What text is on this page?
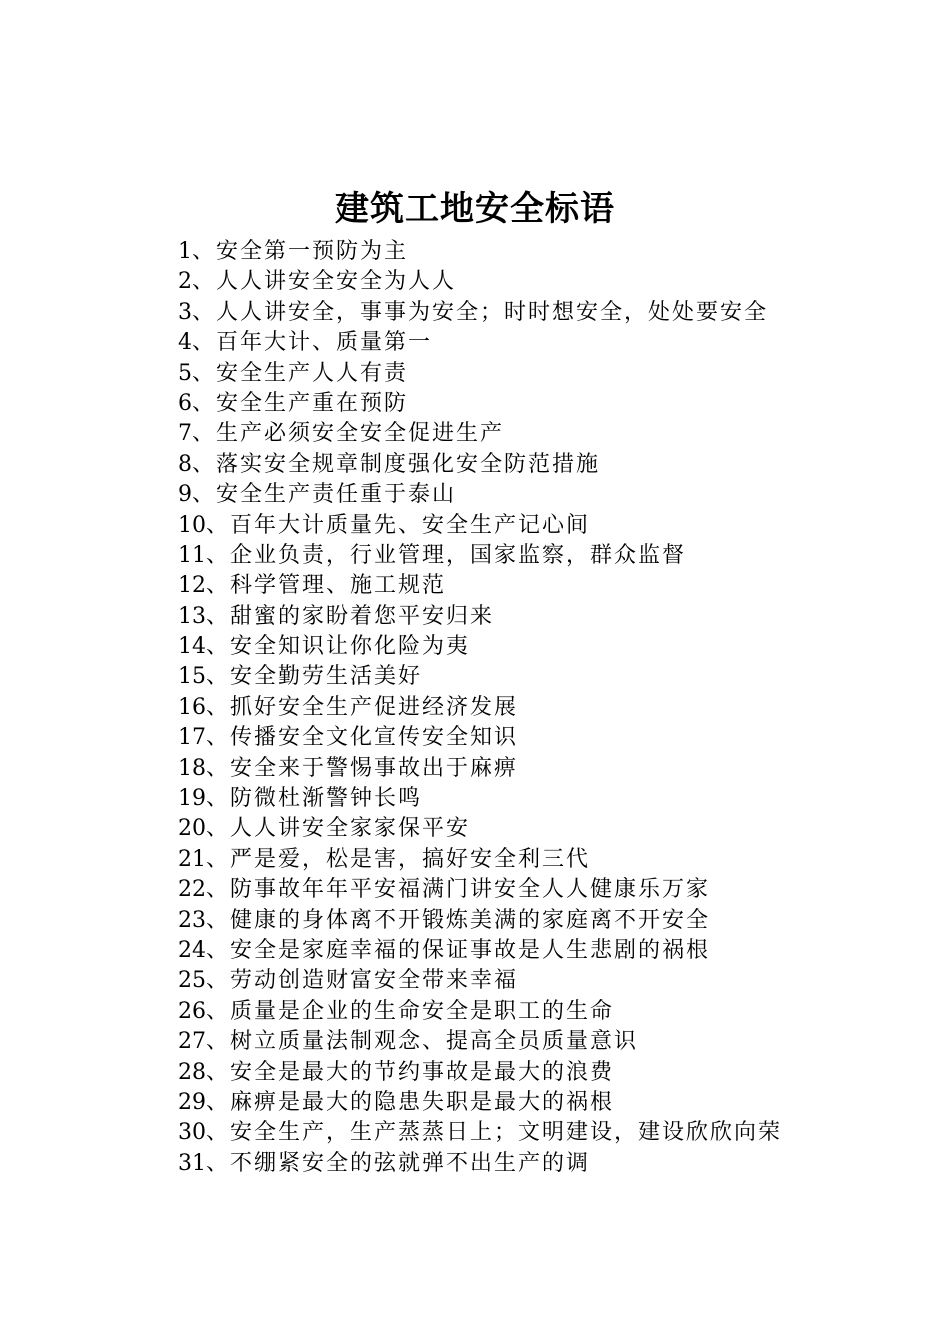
建筑工地安全标语
1 、安全第一预防为主
2 、人人讲安全安全为人人
3 、人人讲安全，事事为安全；时时想安全，处处要安全
4 、百年大计、质量第一
5 、安全生产人人有责
6 、安全生产重在预防
7 、生产必须安全安全促进生产
8 、落实安全规章制度强化安全防范措施
9 、安全生产责任重于泰山
10 、百年大计质量先、安全生产记心间
11 、企业负责，行业管理，国家监察，群众监督
12 、科学管理、施工规范
13 、甜蜜的家盼着您平安归来
14 、安全知识让你化险为夷
15 、安全勤劳生活美好
16 、抓好安全生产促进经济发展
17 、传播安全文化宣传安全知识
18 、安全来于警惕事故出于麻痹
19 、防微杜渐警钟长鸣
20 、人人讲安全家家保平安
21 、严是爱，松是害，搞好安全利三代
22 、防事故年年平安福满门讲安全人人健康乐万家
23 、健康的身体离不开锻炼美满的家庭离不开安全
24 、安全是家庭幸福的保证事故是人生悲剧的祸根
25 、劳动创造财富安全带来幸福
26 、质量是企业的生命安全是职工的生命
27 、树立质量法制观念、提高全员质量意识
28 、安全是最大的节约事故是最大的浪费
29 、麻痹是最大的隐患失职是最大的祸根
30 、安全生产，生产蒸蒸日上；文明建设，建设欣欣向荣
31 、不绷紧安全的弦就弹不出生产的调
